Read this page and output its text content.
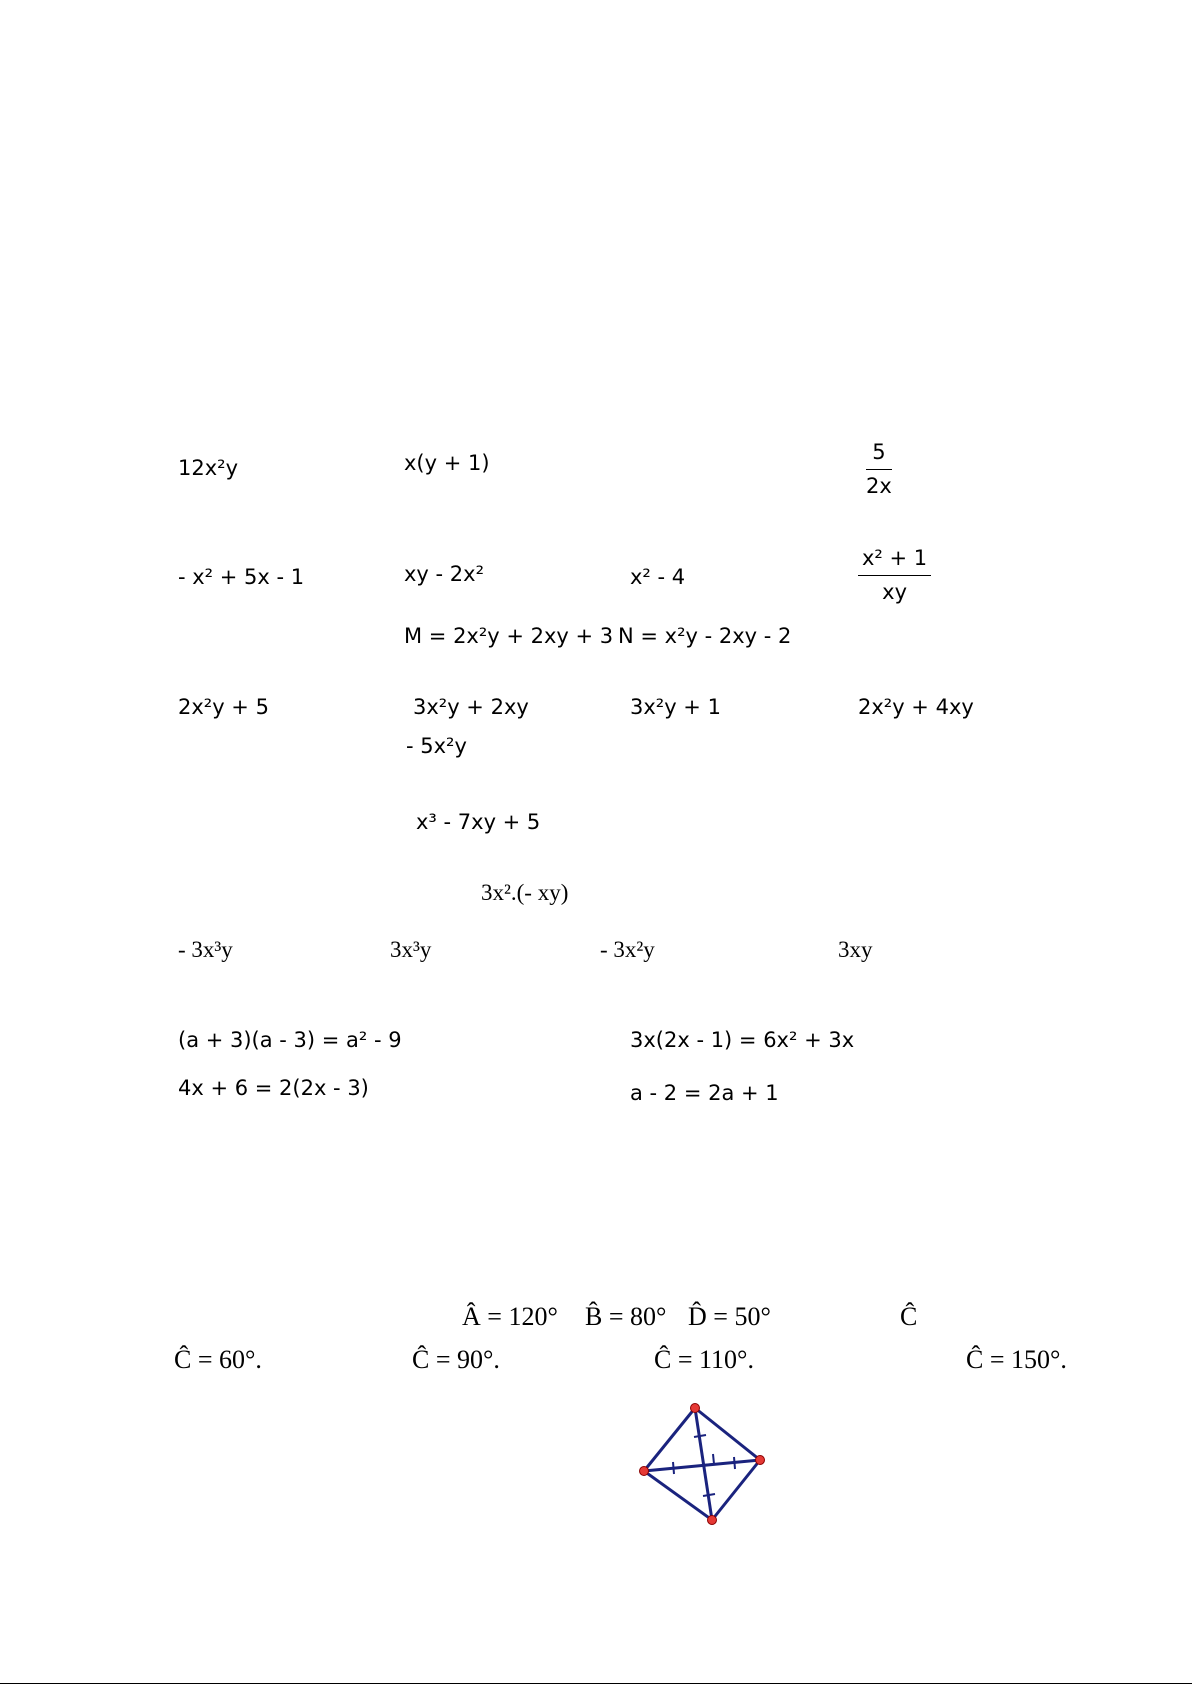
12x²y	x(y + 1)	$\frac{5}{2x}$
- x² + 5x - 1	xy - 2x²	x² - 4	$\frac{\text{x² + 1}}{xy}$
M = 2x²y + 2xy + 3 N = x²y - 2xy - 2
2x²y + 5	3x²y + 2xy	3x²y + 1	2x²y + 4xy
- 5x²y
x³ - 7xy + 5
3x².(- xy)
- 3x³y	3x³y	- 3x²y	3xy
(a + 3)(a - 3) = a² - 9	3x(2x - 1) = 6x² + 3x
4x + 6 = 2(2x - 3)	a - 2 = 2a + 1
Â = 120° B̂ = 80° D̂ = 50°	Ĉ
Ĉ = 60°.	Ĉ = 90°.	Ĉ = 110°.	Ĉ = 150°.
